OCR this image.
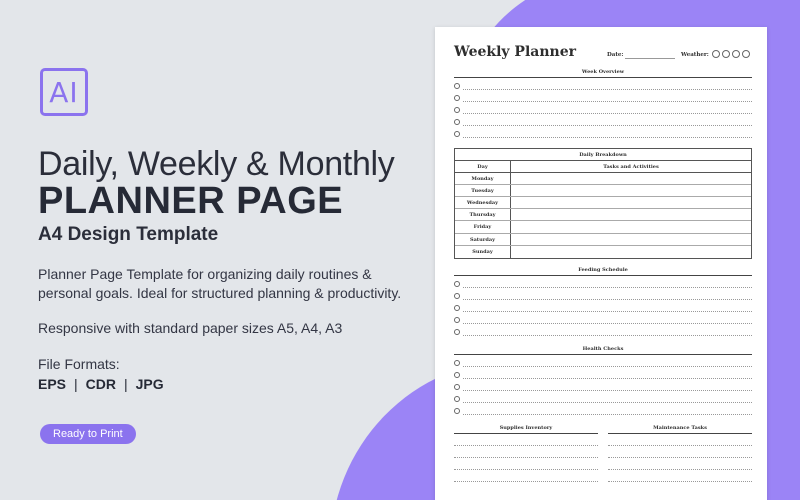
AI
Daily, Weekly & Monthly
PLANNER PAGE
A4 Design Template
Planner Page Template for organizing daily routines & personal goals. Ideal for structured planning & productivity.
Responsive with standard paper sizes A5, A4, A3
File Formats:
EPS | CDR | JPG
Ready to Print
Weekly Planner	Date:	Weather:
Week Overview
Daily Breakdown
Day	Tasks and Activities
Monday
Tuesday
Wednesday
Thursday
Friday
Saturday
Sunday
Feeding Schedule
Health Checks
Supplies Inventory	Maintenance Tasks
